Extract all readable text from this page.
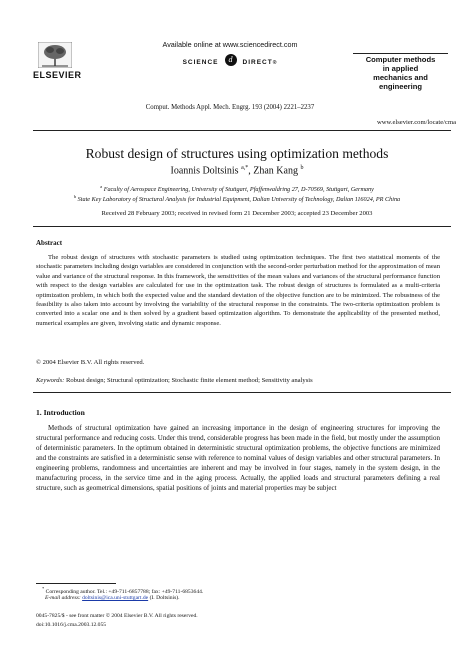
ELSEVIER
Available online at www.sciencedirect.com
SCIENCE d DIRECT®
Comput. Methods Appl. Mech. Engrg. 193 (2004) 2221–2237
Computer methods
in applied
mechanics and
engineering
www.elsevier.com/locate/cma
Robust design of structures using optimization methods
Ioannis Doltsinis $^{a,*}$, Zhan Kang $^b$
$^a$ Faculty of Aerospace Engineering, University of Stuttgart, Pfaffenwaldring 27, D-70569, Stuttgart, Germany
$^b$ State Key Laboratory of Structural Analysis for Industrial Equipment, Dalian University of Technology, Dalian 116024, PR China
Received 28 February 2003; received in revised form 21 December 2003; accepted 23 December 2003
Abstract
The robust design of structures with stochastic parameters is studied using optimization techniques. The first two statistical moments of the stochastic parameters including design variables are considered in conjunction with the second-order perturbation method for the approximation of mean value and variance of the structural response. In this framework, the sensitivities of the mean values and variances of the structural performance function with respect to the design variables are calculated for use in the optimization task. The robust design of structures is formulated as a multi-criteria optimization problem, in which both the expected value and the standard deviation of the objective function are to be minimized. The robustness of the feasibility is also taken into account by involving the variability of the structural response in the constraints. The two-criteria optimization problem is converted into a scalar one and is then solved by a gradient based optimization algorithm. To demonstrate the applicability of the presented method, numerical examples are given, involving static and dynamic response.
© 2004 Elsevier B.V. All rights reserved.
Keywords: Robust design; Structural optimization; Stochastic finite element method; Sensitivity analysis
1. Introduction
Methods of structural optimization have gained an increasing importance in the design of engineering structures for improving the structural performance and reducing costs. Under this trend, considerable progress has been made in the field, but mostly under the assumption of deterministic parameters. In the optimum obtained in deterministic structural optimization problems, the objective functions are minimized and the constraints are satisfied in a deterministic sense with reference to nominal values of design variables and other structural parameters. In engineering problems, randomness and uncertainties are inherent and may be involved in four stages, namely in the system design, in the manufacturing process, in the service time and in the aging process. Actually, the applied loads and structural parameters defining a real structure, such as geometrical dimensions, spatial positions of joints and material properties may be subject
* Corresponding author. Tel.: +49-711-6857788; fax: +49-711-6853644.
E-mail address: doltsinis@ica.uni-stuttgart.de (I. Doltsinis).
0045-7825/$ - see front matter © 2004 Elsevier B.V. All rights reserved.
doi:10.1016/j.cma.2003.12.055
